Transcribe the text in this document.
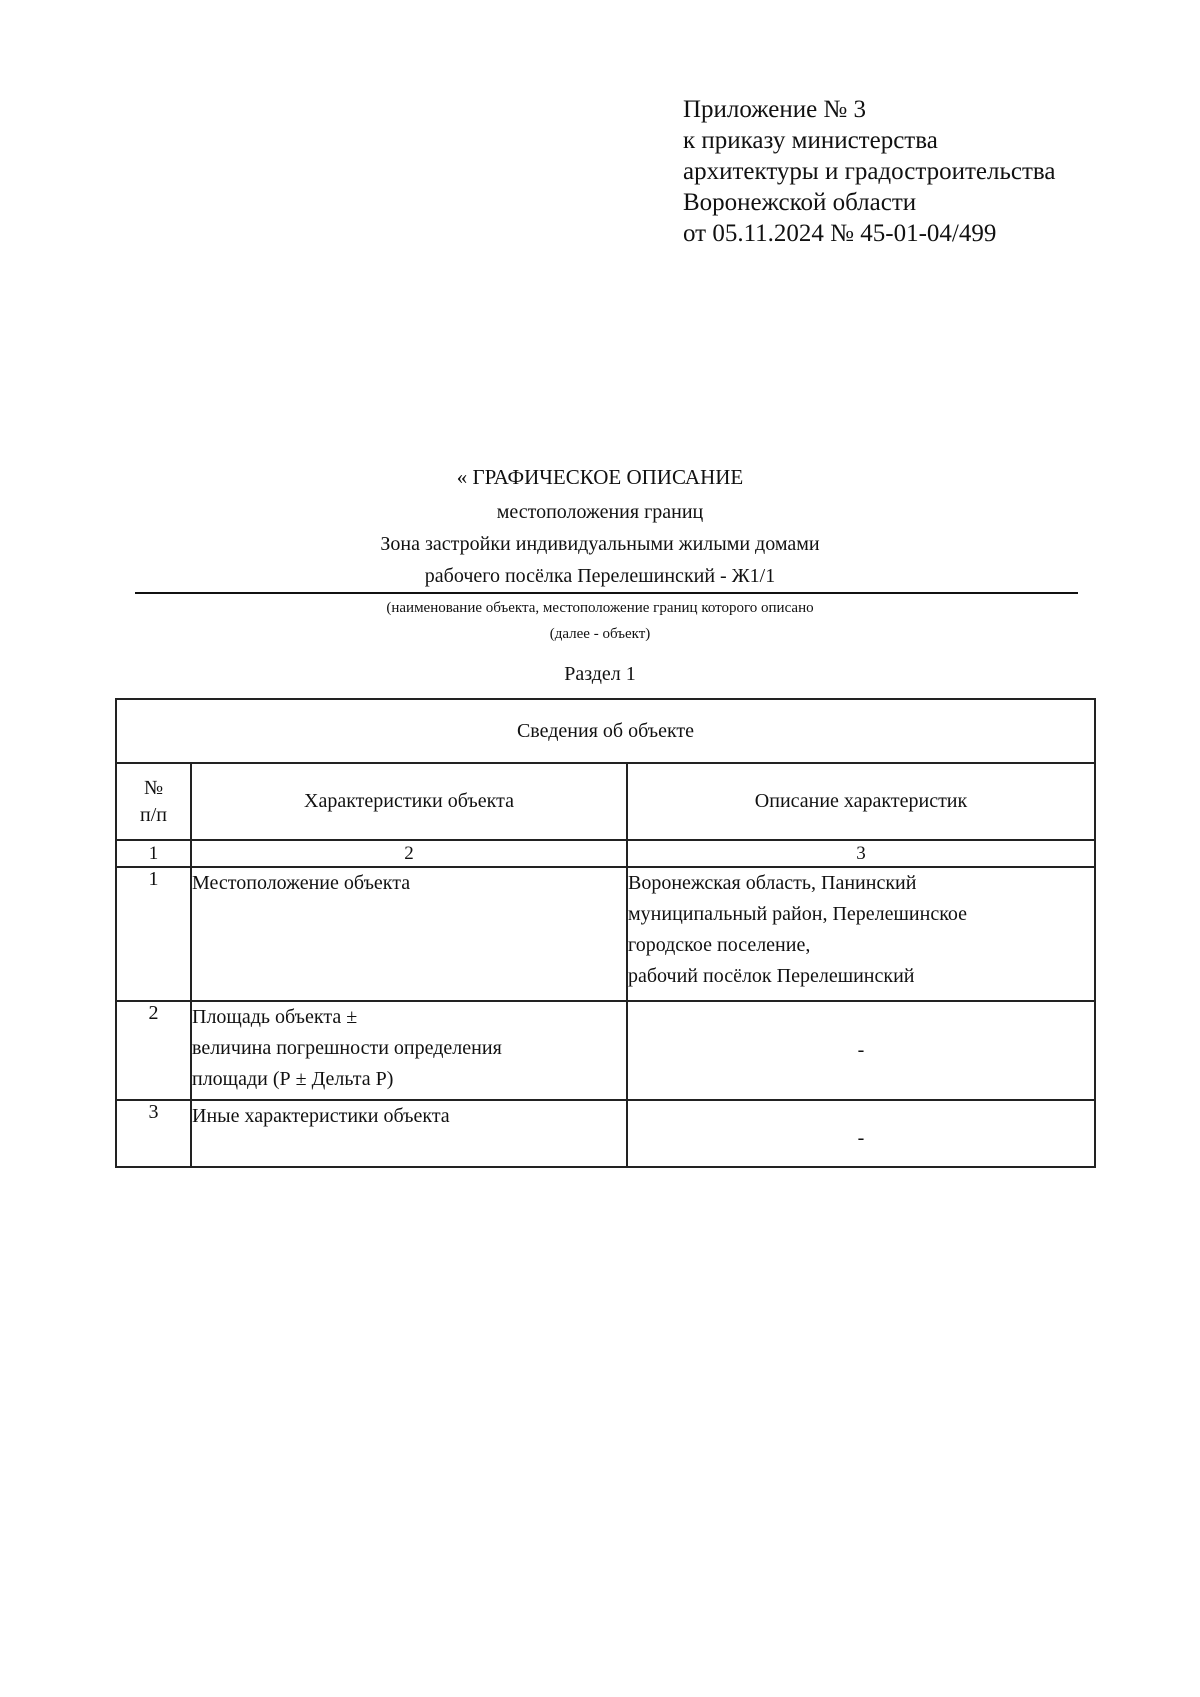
Приложение № 3
к приказу министерства
архитектуры и градостроительства
Воронежской области
от 05.11.2024 № 45-01-04/499
« ГРАФИЧЕСКОЕ ОПИСАНИЕ
местоположения границ
Зона застройки индивидуальными жилыми домами
рабочего посёлка Перелешинский - Ж1/1
(наименование объекта, местоположение границ которого описано
(далее - объект)
Раздел 1
Сведения об объекте		

№
п/п	Характеристики объекта	Описание характеристик
1	2	3
1	Местоположение объекта	Воронежская область, Панинский
муниципальный район, Перелешинское
городское поселение,
рабочий посёлок Перелешинский

2	Площадь объекта ±
величина погрешности определения
площади (Р ± Дельта Р)	-
3	Иные характеристики объекта	-
